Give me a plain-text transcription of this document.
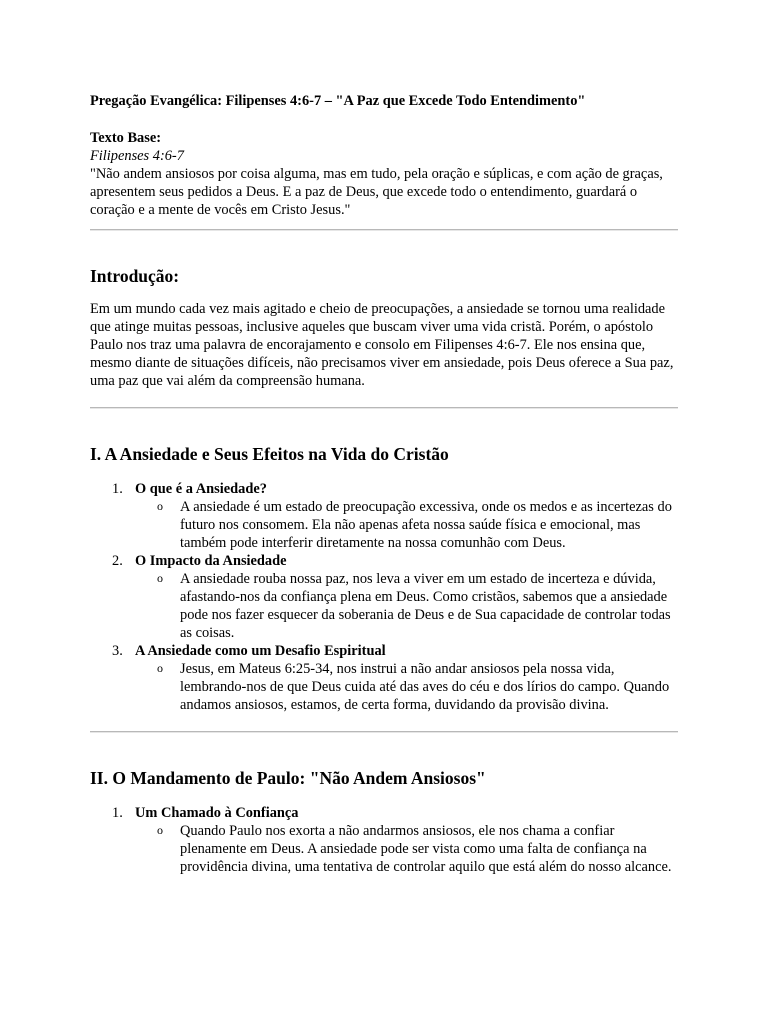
Pregação Evangélica: Filipenses 4:6-7 – "A Paz que Excede Todo Entendimento"

Texto Base:

Filipenses 4:6-7

"Não andem ansiosos por coisa alguma, mas em tudo, pela oração e súplicas, e com ação de graças, apresentem seus pedidos a Deus. E a paz de Deus, que excede todo o entendimento, guardará o coração e a mente de vocês em Cristo Jesus."

Introdução:

Em um mundo cada vez mais agitado e cheio de preocupações, a ansiedade se tornou uma realidade que atinge muitas pessoas, inclusive aqueles que buscam viver uma vida cristã. Porém, o apóstolo Paulo nos traz uma palavra de encorajamento e consolo em Filipenses 4:6-7. Ele nos ensina que, mesmo diante de situações difíceis, não precisamos viver em ansiedade, pois Deus oferece a Sua paz, uma paz que vai além da compreensão humana.

I. A Ansiedade e Seus Efeitos na Vida do Cristão
1. O que é a Ansiedade?
o A ansiedade é um estado de preocupação excessiva, onde os medos e as incertezas do futuro nos consomem. Ela não apenas afeta nossa saúde física e emocional, mas também pode interferir diretamente na nossa comunhão com Deus.
2. O Impacto da Ansiedade
o A ansiedade rouba nossa paz, nos leva a viver em um estado de incerteza e dúvida, afastando-nos da confiança plena em Deus. Como cristãos, sabemos que a ansiedade pode nos fazer esquecer da soberania de Deus e de Sua capacidade de controlar todas as coisas.
3. A Ansiedade como um Desafio Espiritual
o Jesus, em Mateus 6:25-34, nos instrui a não andar ansiosos pela nossa vida, lembrando-nos de que Deus cuida até das aves do céu e dos lírios do campo. Quando andamos ansiosos, estamos, de certa forma, duvidando da provisão divina.
II. O Mandamento de Paulo: "Não Andem Ansiosos"
1. Um Chamado à Confiança
o Quando Paulo nos exorta a não andarmos ansiosos, ele nos chama a confiar plenamente em Deus. A ansiedade pode ser vista como uma falta de confiança na providência divina, uma tentativa de controlar aquilo que está além do nosso alcance.
